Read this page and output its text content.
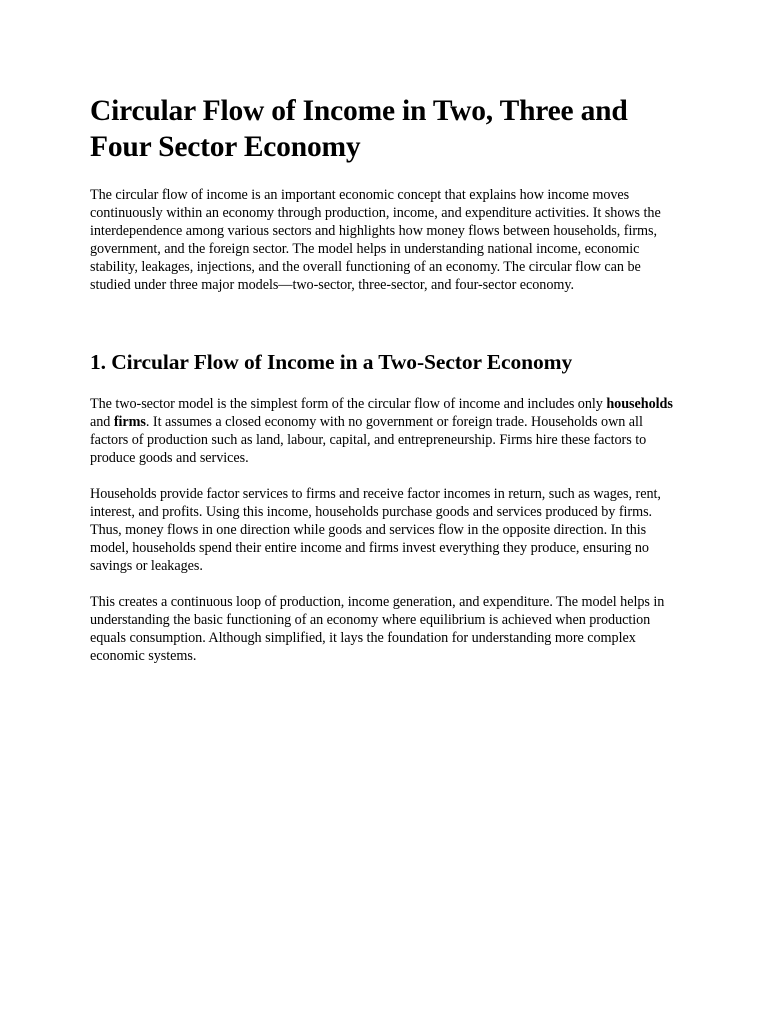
Circular Flow of Income in Two, Three and Four Sector Economy

The circular flow of income is an important economic concept that explains how income moves continuously within an economy through production, income, and expenditure activities. It shows the interdependence among various sectors and highlights how money flows between households, firms, government, and the foreign sector. The model helps in understanding national income, economic stability, leakages, injections, and the overall functioning of an economy. The circular flow can be studied under three major models—two-sector, three-sector, and four-sector economy.

1. Circular Flow of Income in a Two-Sector Economy

The two-sector model is the simplest form of the circular flow of income and includes only households and firms. It assumes a closed economy with no government or foreign trade. Households own all factors of production such as land, labour, capital, and entrepreneurship. Firms hire these factors to produce goods and services.

Households provide factor services to firms and receive factor incomes in return, such as wages, rent, interest, and profits. Using this income, households purchase goods and services produced by firms. Thus, money flows in one direction while goods and services flow in the opposite direction. In this model, households spend their entire income and firms invest everything they produce, ensuring no savings or leakages.

This creates a continuous loop of production, income generation, and expenditure. The model helps in understanding the basic functioning of an economy where equilibrium is achieved when production equals consumption. Although simplified, it lays the foundation for understanding more complex economic systems.
